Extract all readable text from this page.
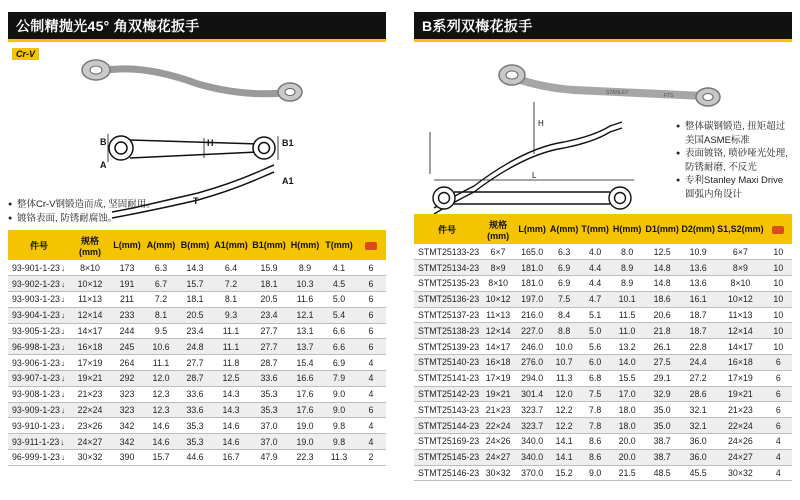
公制精抛光45° 角双梅花扳手
Cr-V
B	H	B1
A
A1
T
● 整体Cr-V钢锻造而成, 坚固耐用。
● 镀铬表面, 防锈耐腐蚀。
件号	规格
(mm)	L(mm)	A(mm)	B(mm)	A1(mm)	B1(mm)	H(mm)	T(mm)	
93-901-1-23↓	8×10	173	6.3	14.3	6.4	15.9	8.9	4.1	6
93-902-1-23↓	10×12	191	6.7	15.7	7.2	18.1	10.3	4.5	6
93-903-1-23↓	11×13	211	7.2	18.1	8.1	20.5	11.6	5.0	6
93-904-1-23↓	12×14	233	8.1	20.5	9.3	23.4	12.1	5.4	6
93-905-1-23↓	14×17	244	9.5	23.4	11.1	27.7	13.1	6.6	6
96-998-1-23↓	16×18	245	10.6	24.8	11.1	27.7	13.7	6.6	6
93-906-1-23↓	17×19	264	11.1	27.7	11.8	28.7	15.4	6.9	4
93-907-1-23↓	19×21	292	12.0	28.7	12.5	33.6	16.6	7.9	4
93-908-1-23↓	21×23	323	12.3	33.6	14.3	35.3	17.6	9.0	4
93-909-1-23↓	22×24	323	12.3	33.6	14.3	35.3	17.6	9.0	6
93-910-1-23↓	23×26	342	14.6	35.3	14.6	37.0	19.0	9.8	4
93-911-1-23↓	24×27	342	14.6	35.3	14.6	37.0	19.0	9.8	4
96-999-1-23↓	30×32	390	15.7	44.6	16.7	47.9	22.3	11.3	2
B系列双梅花扳手
STANLEY	FTS
L
H	● 整体碳钢锻造, 扭矩超过美国ASME标准
● 表面镀铬, 喷砂哑光处理, 防锈耐磨, 不反光
● 专利Stanley Maxi Drive 圆弧内角设计
件号	规格
(mm)	L(mm)	A(mm)	T(mm)	H(mm)	D1(mm)	D2(mm)	S1,S2(mm)	
STMT25133-23	6×7	165.0	6.3	4.0	8.0	12.5	10.9	6×7	10
STMT25134-23	8×9	181.0	6.9	4.4	8.9	14.8	13.6	8×9	10
STMT25135-23	8×10	181.0	6.9	4.4	8.9	14.8	13.6	8×10	10
STMT25136-23	10×12	197.0	7.5	4.7	10.1	18.6	16.1	10×12	10
STMT25137-23	11×13	216.0	8.4	5.1	11.5	20.6	18.7	11×13	10
STMT25138-23	12×14	227.0	8.8	5.0	11.0	21.8	18.7	12×14	10
STMT25139-23	14×17	246.0	10.0	5.6	13.2	26.1	22.8	14×17	10
STMT25140-23	16×18	276.0	10.7	6.0	14.0	27.5	24.4	16×18	6
STMT25141-23	17×19	294.0	11.3	6.8	15.5	29.1	27.2	17×19	6
STMT25142-23	19×21	301.4	12.0	7.5	17.0	32.9	28.6	19×21	6
STMT25143-23	21×23	323.7	12.2	7.8	18.0	35.0	32.1	21×23	6
STMT25144-23	22×24	323.7	12.2	7.8	18.0	35.0	32.1	22×24	6
STMT25169-23	24×26	340.0	14.1	8.6	20.0	38.7	36.0	24×26	4
STMT25145-23	24×27	340.0	14.1	8.6	20.0	38.7	36.0	24×27	4
STMT25146-23	30×32	370.0	15.2	9.0	21.5	48.5	45.5	30×32	4
